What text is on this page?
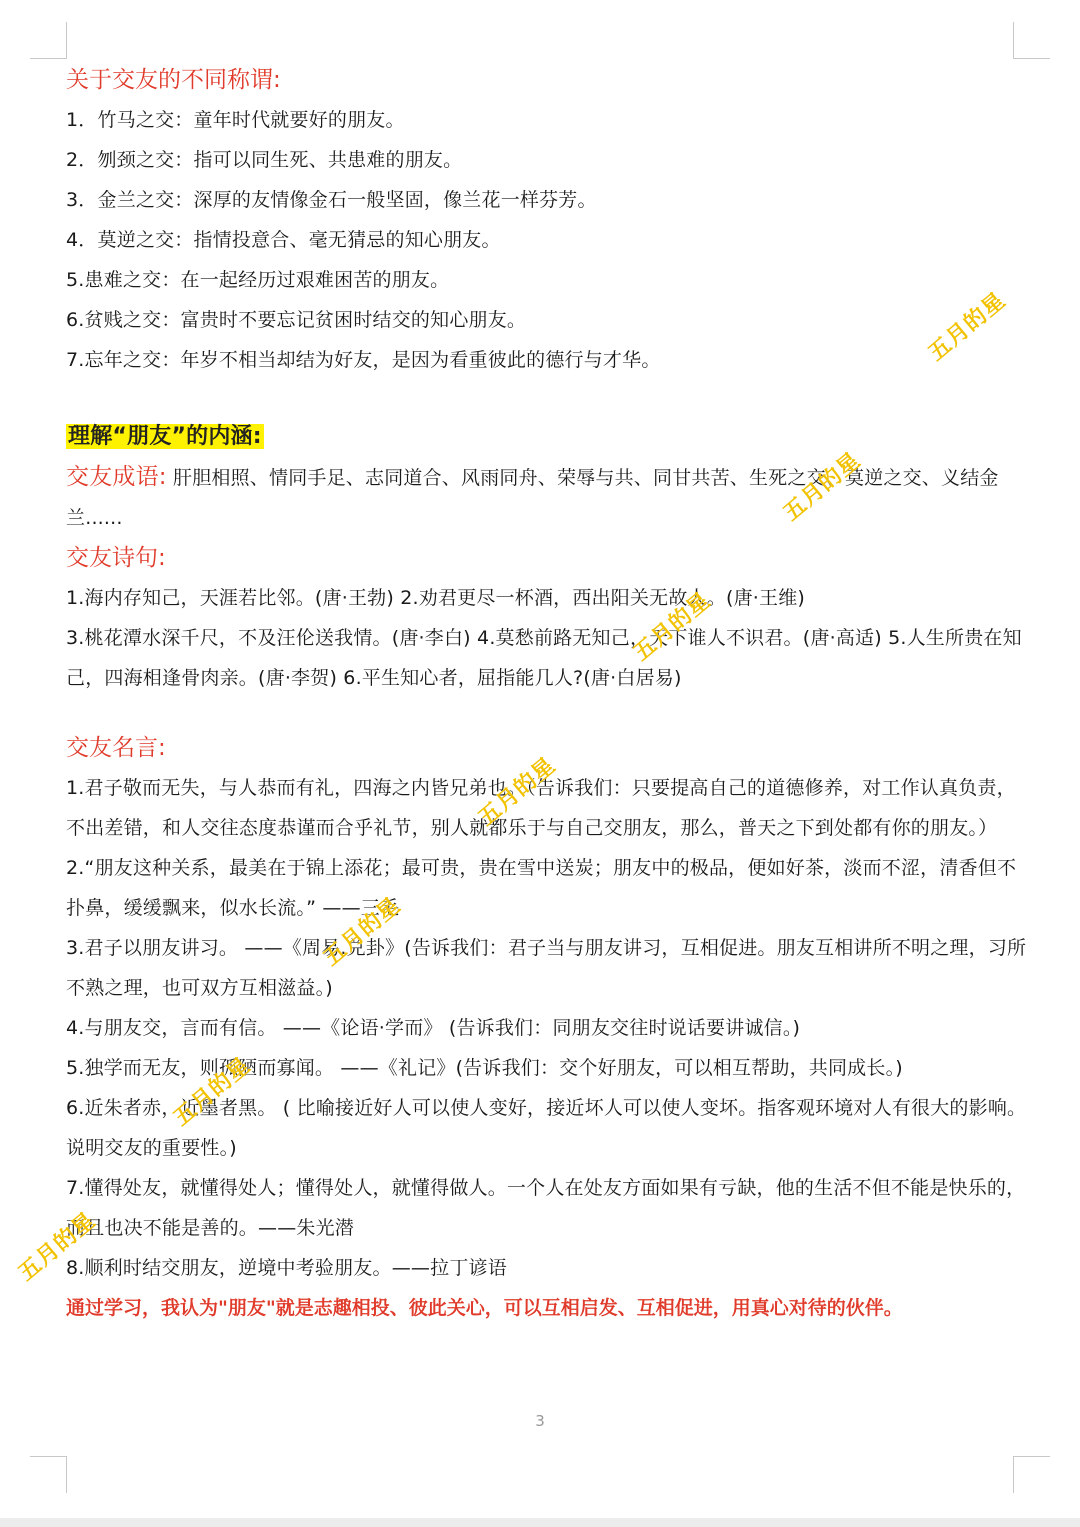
关于交友的不同称谓:
1．竹马之交：童年时代就要好的朋友。
2．刎颈之交：指可以同生死、共患难的朋友。
3．金兰之交：深厚的友情像金石一般坚固，像兰花一样芬芳。
4．莫逆之交：指情投意合、毫无猜忌的知心朋友。
5.患难之交：在一起经历过艰难困苦的朋友。
6.贫贱之交：富贵时不要忘记贫困时结交的知心朋友。
7.忘年之交：年岁不相当却结为好友，是因为看重彼此的德行与才华。
理解“朋友”的内涵:
交友成语: 肝胆相照、情同手足、志同道合、风雨同舟、荣辱与共、同甘共苦、生死之交、莫逆之交、义结金兰......
交友诗句:
1.海内存知己，天涯若比邻。(唐·王勃) 2.劝君更尽一杯酒，西出阳关无故人。(唐·王维)
3.桃花潭水深千尺，不及汪伦送我情。(唐·李白) 4.莫愁前路无知己，天下谁人不识君。(唐·高适) 5.人生所贵在知己，四海相逢骨肉亲。(唐·李贺) 6.平生知心者，屈指能几人?(唐·白居易)
交友名言:
1.君子敬而无失，与人恭而有礼，四海之内皆兄弟也。（告诉我们：只要提高自己的道德修养，对工作认真负责，不出差错，和人交往态度恭谨而合乎礼节，别人就都乐于与自己交朋友，那么，普天之下到处都有你的朋友。）
2.“朋友这种关系，最美在于锦上添花；最可贵，贵在雪中送炭；朋友中的极品，便如好茶，淡而不涩，清香但不扑鼻，缓缓飘来，似水长流。” ——三毛
3.君子以朋友讲习。 ——《周易.兑卦》(告诉我们：君子当与朋友讲习，互相促进。朋友互相讲所不明之理，习所不熟之理，也可双方互相滋益。)
4.与朋友交，言而有信。 ——《论语·学而》 (告诉我们：同朋友交往时说话要讲诚信。)
5.独学而无友，则孤陋而寡闻。 ——《礼记》(告诉我们：交个好朋友，可以相互帮助，共同成长。)
6.近朱者赤，近墨者黑。 ( 比喻接近好人可以使人变好，接近坏人可以使人变坏。指客观环境对人有很大的影响。说明交友的重要性。)
7.懂得处友，就懂得处人；懂得处人，就懂得做人。一个人在处友方面如果有亏缺，他的生活不但不能是快乐的，而且也决不能是善的。——朱光潜
8.顺利时结交朋友，逆境中考验朋友。——拉丁谚语
通过学习，我认为"朋友"就是志趣相投、彼此关心，可以互相启发、互相促进，用真心对待的伙伴。
3
五月的星
五月的星
五月的星
五月的星
五月的星
五月的星
五月的星
